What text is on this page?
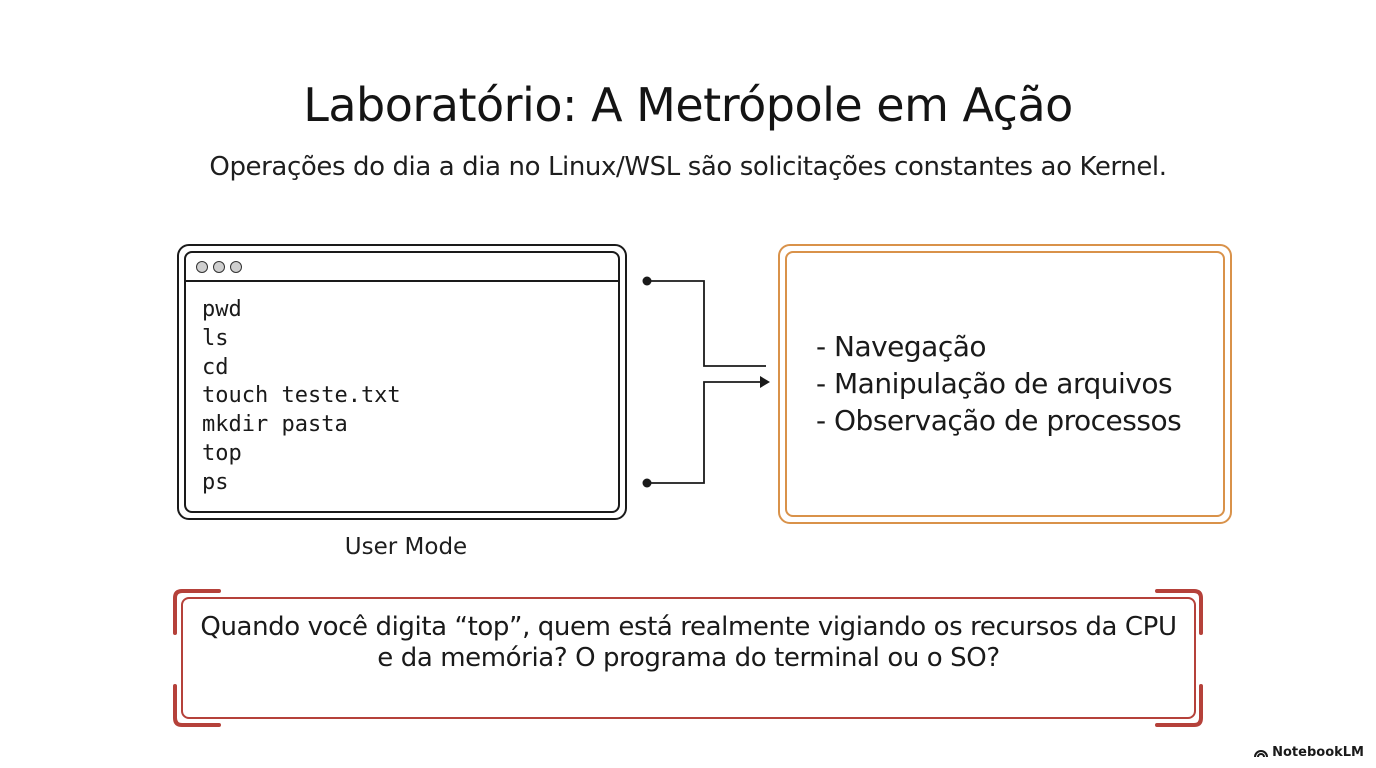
Laboratório: A Metrópole em Ação
Operações do dia a dia no Linux/WSL são solicitações constantes ao Kernel.
pwd
ls
cd
touch teste.txt
mkdir pasta
top
ps
User Mode
- Navegação
- Manipulação de arquivos
- Observação de processos
Quando você digita “top”, quem está realmente vigiando os recursos da CPU
e da memória? O programa do terminal ou o SO?
NotebookLM
